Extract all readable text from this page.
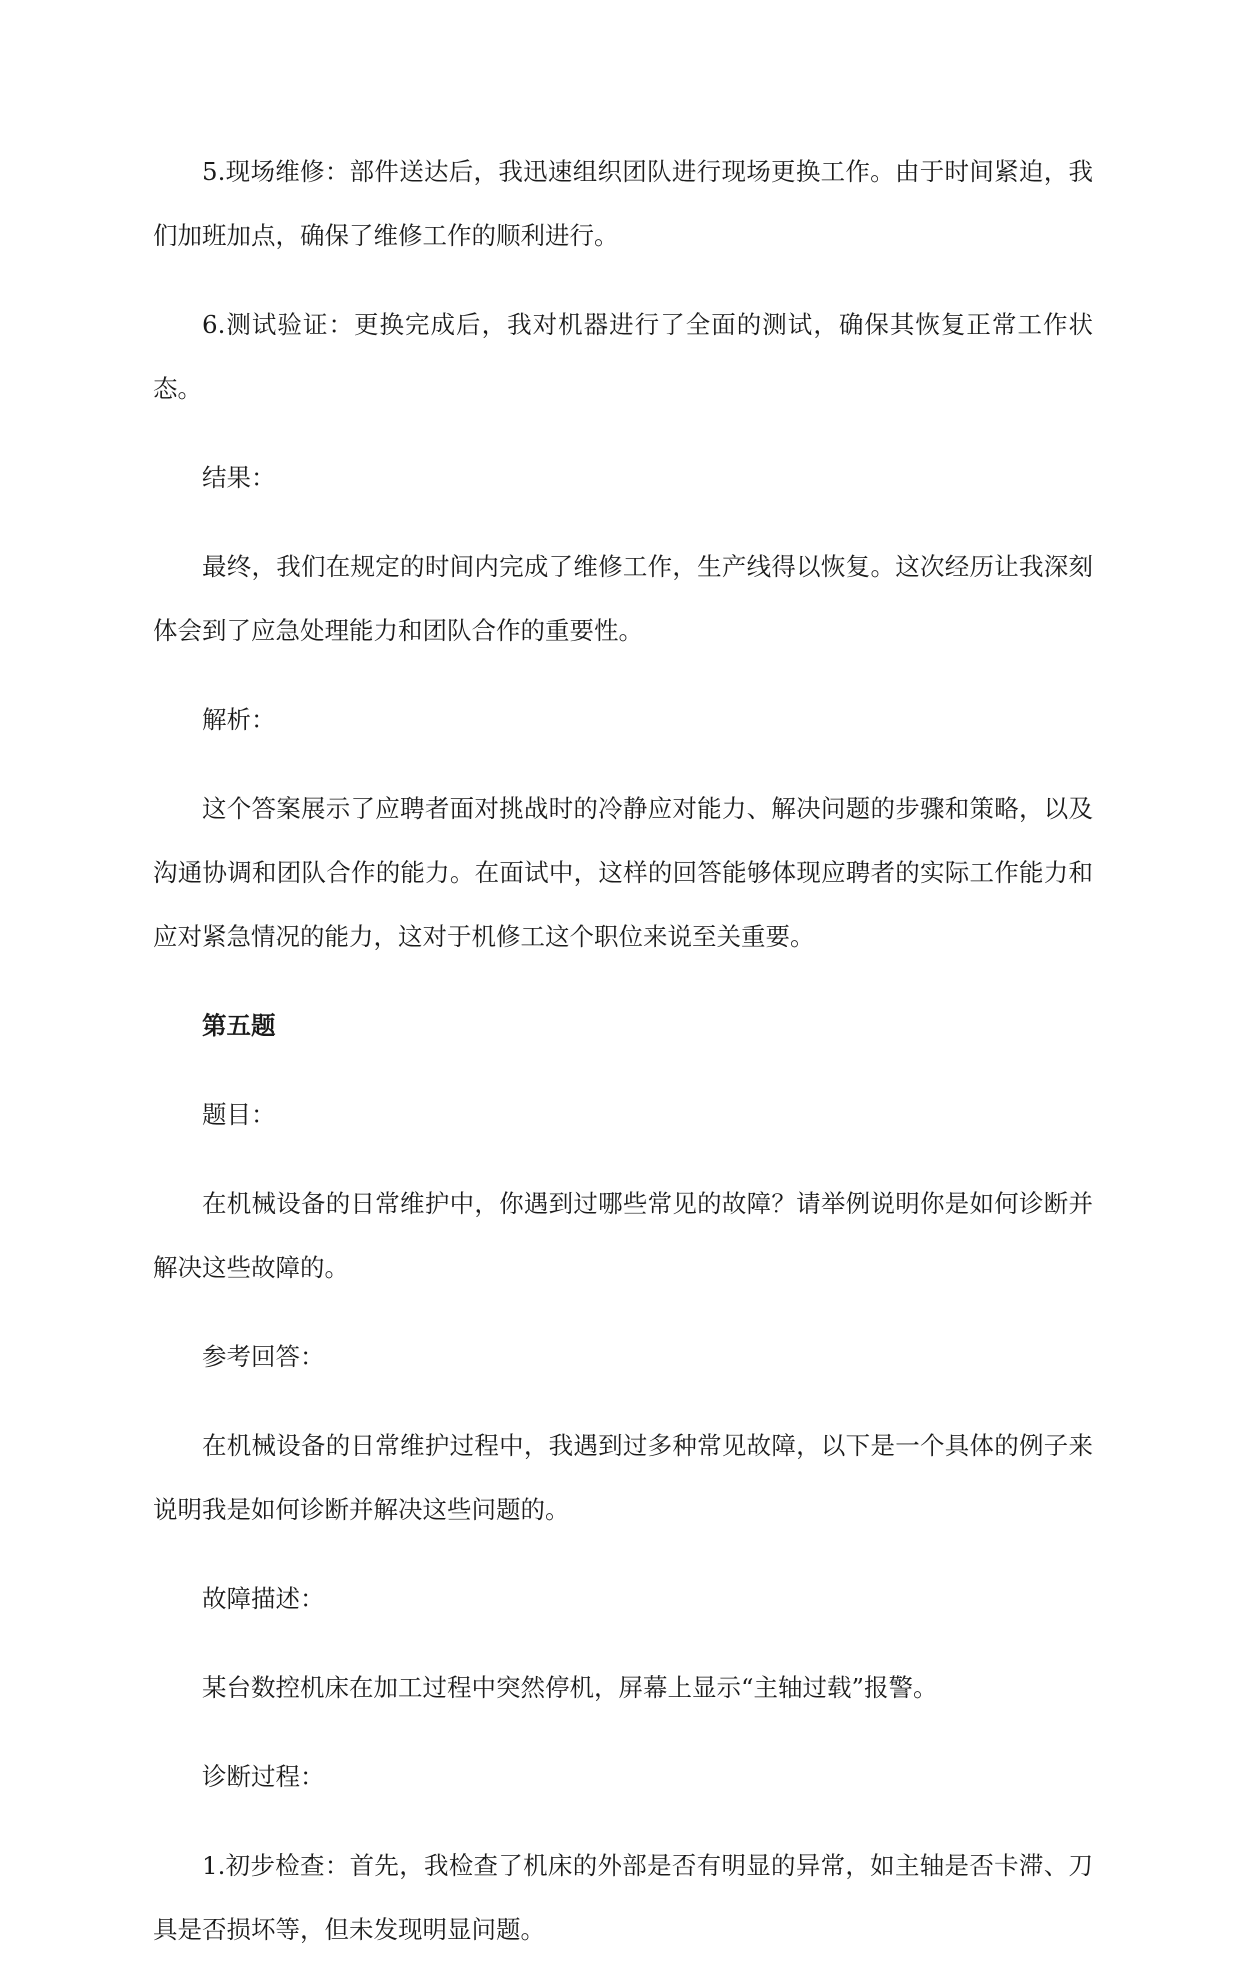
5.现场维修：部件送达后，我迅速组织团队进行现场更换工作。由于时间紧迫，我们加班加点，确保了维修工作的顺利进行。

6.测试验证：更换完成后，我对机器进行了全面的测试，确保其恢复正常工作状态。

结果：

最终，我们在规定的时间内完成了维修工作，生产线得以恢复。这次经历让我深刻体会到了应急处理能力和团队合作的重要性。

解析：

这个答案展示了应聘者面对挑战时的冷静应对能力、解决问题的步骤和策略，以及沟通协调和团队合作的能力。在面试中，这样的回答能够体现应聘者的实际工作能力和应对紧急情况的能力，这对于机修工这个职位来说至关重要。

第五题

题目：

在机械设备的日常维护中，你遇到过哪些常见的故障？请举例说明你是如何诊断并解决这些故障的。

参考回答：

在机械设备的日常维护过程中，我遇到过多种常见故障，以下是一个具体的例子来说明我是如何诊断并解决这些问题的。

故障描述：

某台数控机床在加工过程中突然停机，屏幕上显示“主轴过载”报警。

诊断过程：

1.初步检查：首先，我检查了机床的外部是否有明显的异常，如主轴是否卡滞、刀具是否损坏等，但未发现明显问题。
